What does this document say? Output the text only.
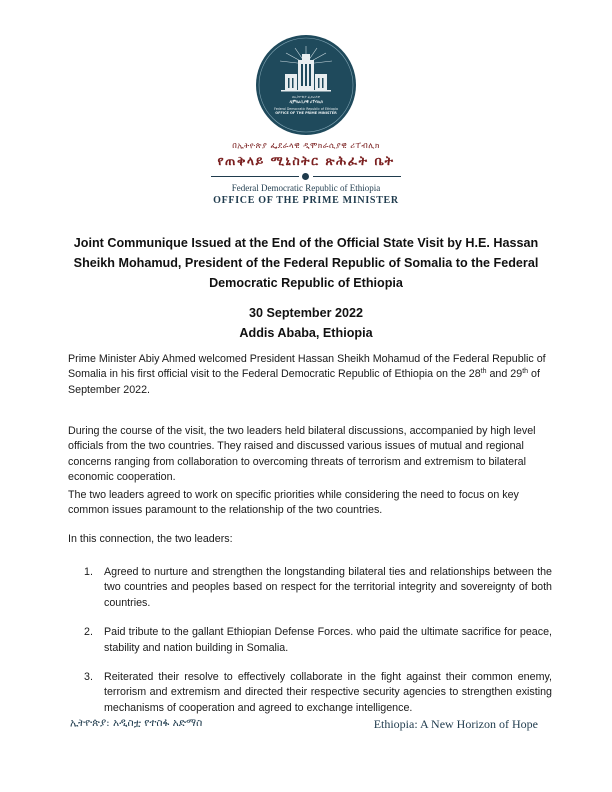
በኢትዮጵያ ፌደራላዊ
ዲሞክራሲያዊ ሪፐብሊክ
Federal Democratic Republic of Ethiopia
OFFICE OF THE PRIME MINISTER
በኢትዮጵያ ፌደራላዊ ዲሞክራሲያዊ ሪፐብሊክ
የጠቅላይ ሚኒስትር ጽሕፈት ቤት
Federal Democratic Republic of Ethiopia
OFFICE OF THE PRIME MINISTER
Joint Communique Issued at the End of the Official State Visit by H.E. Hassan
Sheikh Mohamud, President of the Federal Republic of Somalia to the Federal
Democratic Republic of Ethiopia
30 September 2022
Addis Ababa, Ethiopia
Prime Minister Abiy Ahmed welcomed President Hassan Sheikh Mohamud of the Federal Republic of Somalia in his first official visit to the Federal Democratic Republic of Ethiopia on the 28th and 29th of September 2022.
During the course of the visit, the two leaders held bilateral discussions, accompanied by high level officials from the two countries. They raised and discussed various issues of mutual and regional concerns ranging from collaboration to overcoming threats of terrorism and extremism to bilateral economic cooperation.
The two leaders agreed to work on specific priorities while considering the need to focus on key common issues paramount to the relationship of the two countries.
In this connection, the two leaders:
1. Agreed to nurture and strengthen the longstanding bilateral ties and relationships between the two countries and peoples based on respect for the territorial integrity and sovereignty of both countries.
2. Paid tribute to the gallant Ethiopian Defense Forces. who paid the ultimate sacrifice for peace, stability and nation building in Somalia.
3. Reiterated their resolve to effectively collaborate in the fight against their common enemy, terrorism and extremism and directed their respective security agencies to strengthen existing mechanisms of cooperation and agreed to exchange intelligence.
ኢትዮጵያ: አዲስቷ የተስፋ አድማስ	Ethiopia: A New Horizon of Hope
